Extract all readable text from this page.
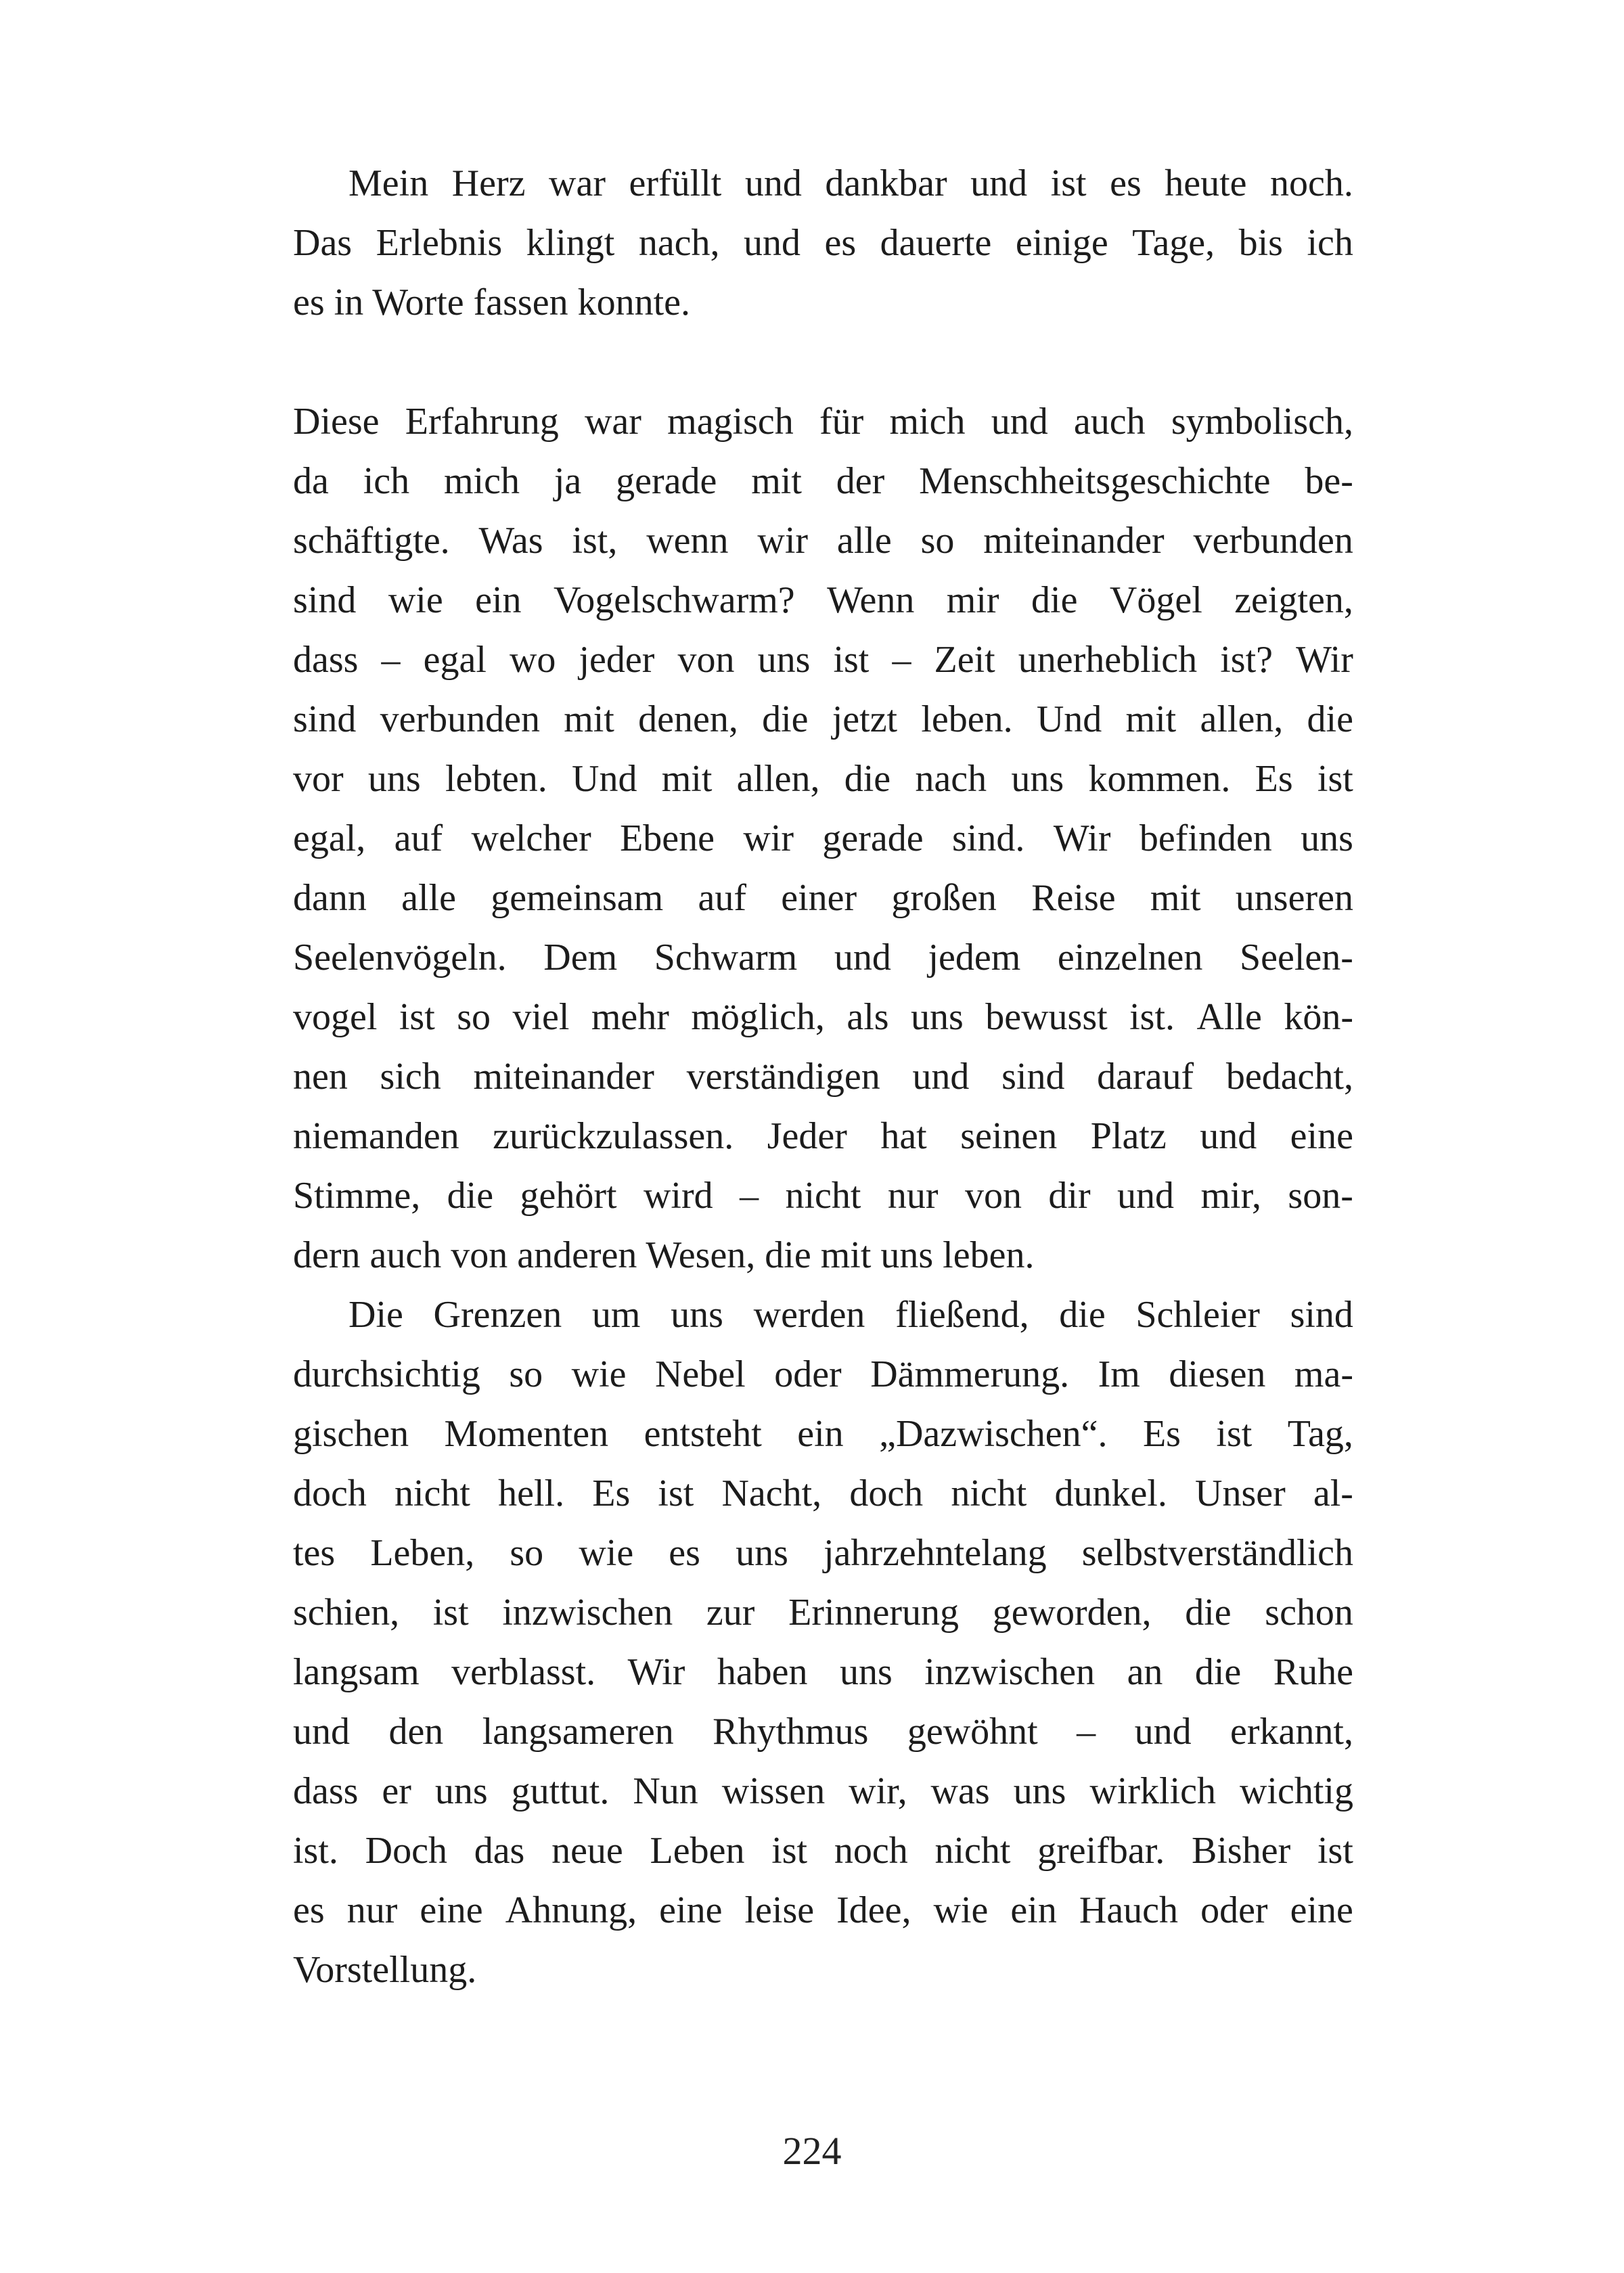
Mein Herz war erfüllt und dankbar und ist es heute noch.
Das Erlebnis klingt nach, und es dauerte einige Tage, bis ich
es in Worte fassen konnte.

Diese Erfahrung war magisch für mich und auch symbolisch,
da ich mich ja gerade mit der Menschheitsgeschichte be-
schäftigte. Was ist, wenn wir alle so miteinander verbunden
sind wie ein Vogelschwarm? Wenn mir die Vögel zeigten,
dass – egal wo jeder von uns ist – Zeit unerheblich ist? Wir
sind verbunden mit denen, die jetzt leben. Und mit allen, die
vor uns lebten. Und mit allen, die nach uns kommen. Es ist
egal, auf welcher Ebene wir gerade sind. Wir befinden uns
dann alle gemeinsam auf einer großen Reise mit unseren
Seelenvögeln. Dem Schwarm und jedem einzelnen Seelen-
vogel ist so viel mehr möglich, als uns bewusst ist. Alle kön-
nen sich miteinander verständigen und sind darauf bedacht,
niemanden zurückzulassen. Jeder hat seinen Platz und eine
Stimme, die gehört wird – nicht nur von dir und mir, son-
dern auch von anderen Wesen, die mit uns leben.

Die Grenzen um uns werden fließend, die Schleier sind
durchsichtig so wie Nebel oder Dämmerung. Im diesen ma-
gischen Momenten entsteht ein „Dazwischen“. Es ist Tag,
doch nicht hell. Es ist Nacht, doch nicht dunkel. Unser al-
tes Leben, so wie es uns jahrzehntelang selbstverständlich
schien, ist inzwischen zur Erinnerung geworden, die schon
langsam verblasst. Wir haben uns inzwischen an die Ruhe
und den langsameren Rhythmus gewöhnt – und erkannt,
dass er uns guttut. Nun wissen wir, was uns wirklich wichtig
ist. Doch das neue Leben ist noch nicht greifbar. Bisher ist
es nur eine Ahnung, eine leise Idee, wie ein Hauch oder eine
Vorstellung.

224
